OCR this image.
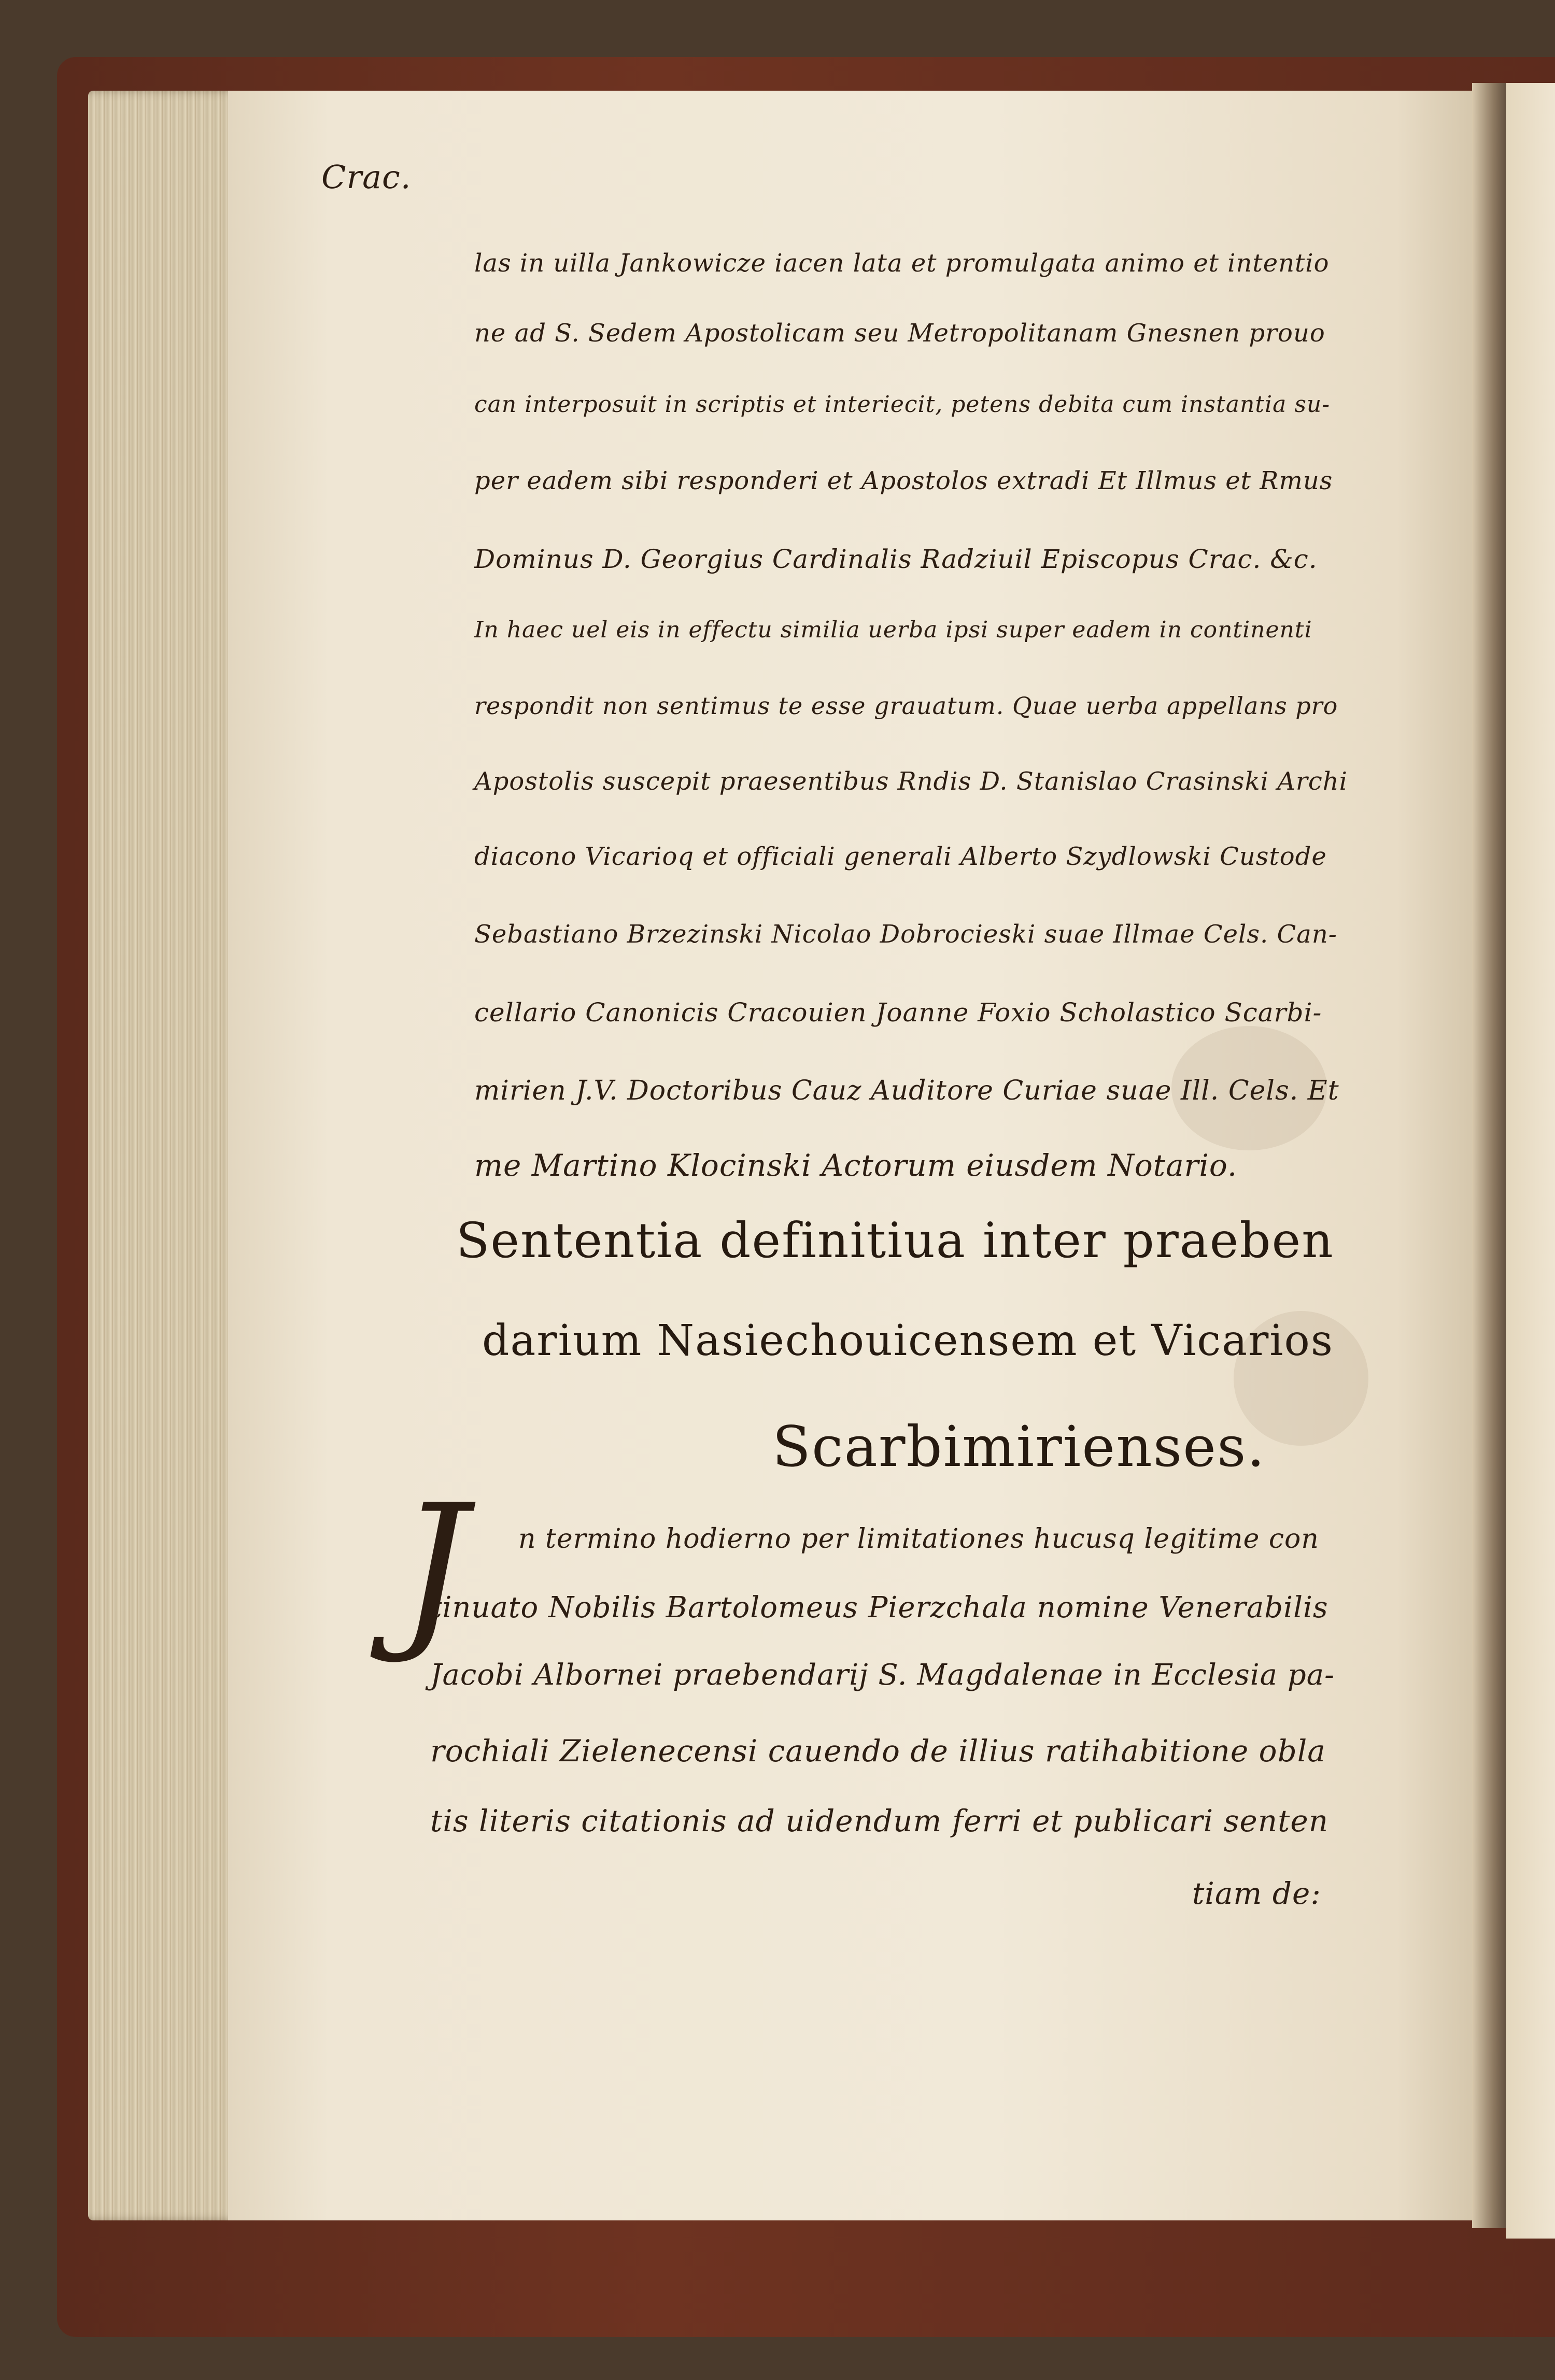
Crac.
las in uilla Jankowicze iacen lata et promulgata animo et intentio
ne ad S. Sedem Apostolicam seu Metropolitanam Gnesnen prouo
can interposuit in scriptis et interiecit, petens debita cum instantia su-
per eadem sibi responderi et Apostolos extradi Et Illmus et Rmus
Dominus D. Georgius Cardinalis Radziuil Episcopus Crac. &c.
In haec uel eis in effectu similia uerba ipsi super eadem in continenti
respondit non sentimus te esse grauatum. Quae uerba appellans pro
Apostolis suscepit praesentibus Rndis D. Stanislao Crasinski Archi
diacono Vicarioq et officiali generali Alberto Szydlowski Custode
Sebastiano Brzezinski Nicolao Dobrocieski suae Illmae Cels. Can-
cellario Canonicis Cracouien Joanne Foxio Scholastico Scarbi-
mirien J.V. Doctoribus Cauz Auditore Curiae suae Ill. Cels. Et
me Martino Klocinski Actorum eiusdem Notario.
Sententia definitiua inter praeben
darium Nasiechouicensem et Vicarios
Scarbimirienses.
J n termino hodierno per limitationes hucusq legitime con
tinuato Nobilis Bartolomeus Pierzchala nomine Venerabilis
Jacobi Albornei praebendarij S. Magdalenae in Ecclesia pa-
rochiali Zielenecensi cauendo de illius ratihabitione obla
tis literis citationis ad uidendum ferri et publicari senten
tiam de:
